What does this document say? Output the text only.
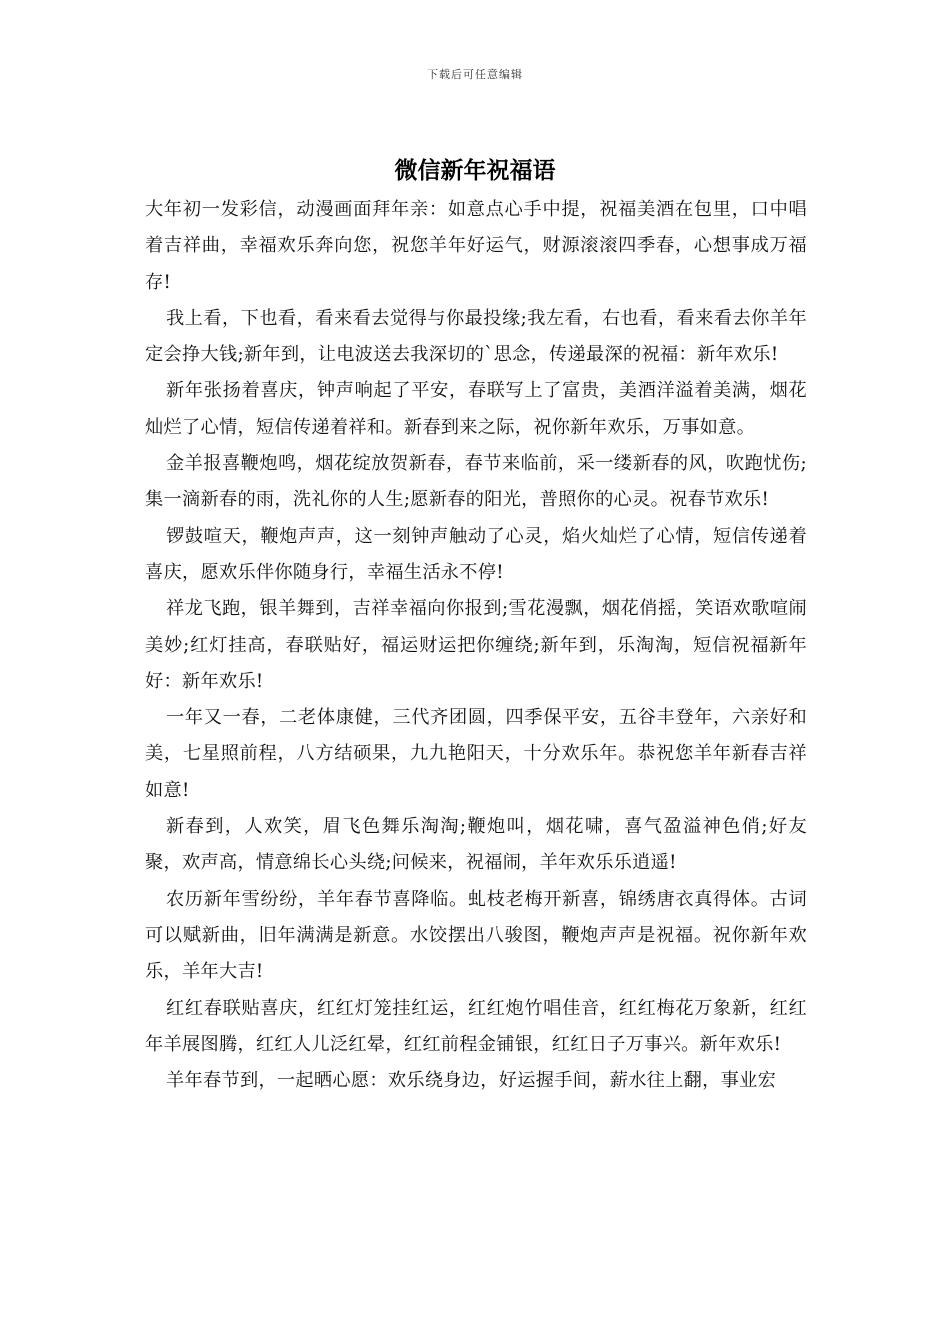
下载后可任意编辑
微信新年祝福语

大年初一发彩信，动漫画面拜年亲：如意点心手中提，祝福美酒在包里，口中唱着吉祥曲，幸福欢乐奔向您，祝您羊年好运气，财源滚滚四季春，心想事成万福存!

我上看，下也看，看来看去觉得与你最投缘;我左看，右也看，看来看去你羊年定会挣大钱;新年到，让电波送去我深切的`思念，传递最深的祝福：新年欢乐!

新年张扬着喜庆，钟声响起了平安，春联写上了富贵，美酒洋溢着美满，烟花灿烂了心情，短信传递着祥和。新春到来之际，祝你新年欢乐，万事如意。

金羊报喜鞭炮鸣，烟花绽放贺新春，春节来临前，采一缕新春的风，吹跑忧伤;集一滴新春的雨，洗礼你的人生;愿新春的阳光，普照你的心灵。祝春节欢乐!

锣鼓喧天，鞭炮声声，这一刻钟声触动了心灵，焰火灿烂了心情，短信传递着喜庆，愿欢乐伴你随身行，幸福生活永不停!

祥龙飞跑，银羊舞到，吉祥幸福向你报到;雪花漫飘，烟花俏摇，笑语欢歌喧闹美妙;红灯挂高，春联贴好，福运财运把你缠绕;新年到，乐淘淘，短信祝福新年好：新年欢乐!

一年又一春，二老体康健，三代齐团圆，四季保平安，五谷丰登年，六亲好和美，七星照前程，八方结硕果，九九艳阳天，十分欢乐年。恭祝您羊年新春吉祥如意!

新春到，人欢笑，眉飞色舞乐淘淘;鞭炮叫，烟花啸，喜气盈溢神色俏;好友聚，欢声高，情意绵长心头绕;问候来，祝福闹，羊年欢乐乐逍遥!

农历新年雪纷纷，羊年春节喜降临。虬枝老梅开新喜，锦绣唐衣真得体。古词可以赋新曲，旧年满满是新意。水饺摆出八骏图，鞭炮声声是祝福。祝你新年欢乐，羊年大吉!

红红春联贴喜庆，红红灯笼挂红运，红红炮竹唱佳音，红红梅花万象新，红红年羊展图腾，红红人儿泛红晕，红红前程金铺银，红红日子万事兴。新年欢乐!

羊年春节到，一起晒心愿：欢乐绕身边，好运握手间，薪水往上翻，事业宏
